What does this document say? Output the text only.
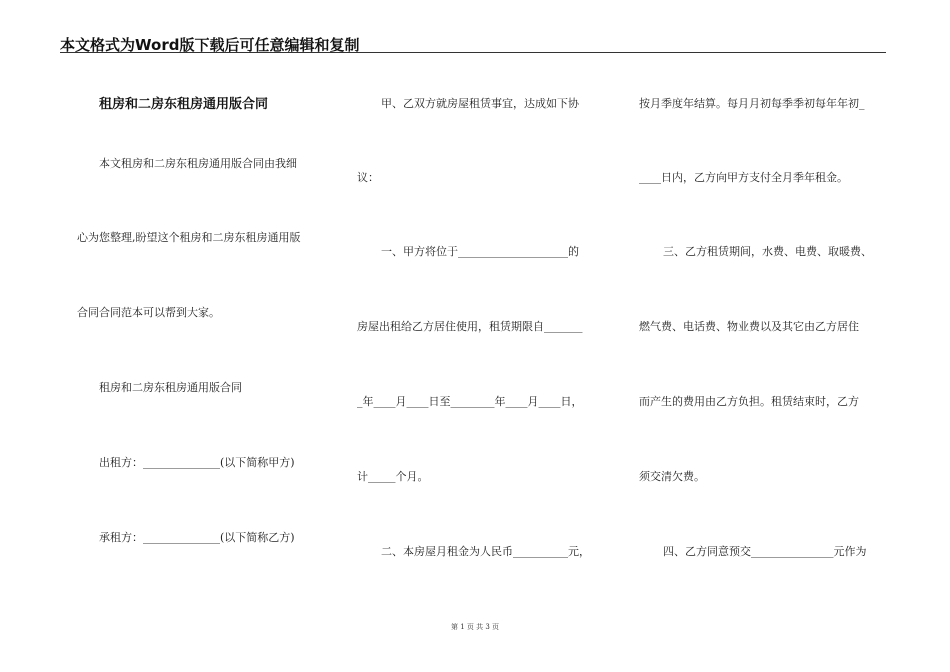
本文格式为Word版下载后可任意编辑和复制
租房和二房东租房通用版合同
本文租房和二房东租房通用版合同由我细
心为您整理,盼望这个租房和二房东租房通用版
合同合同范本可以帮到大家。
租房和二房东租房通用版合同
出租方：______________(以下简称甲方)
承租方：______________(以下简称乙方)
甲、乙双方就房屋租赁事宜，达成如下协
议：
一、甲方将位于____________________的
房屋出租给乙方居住使用，租赁期限自_______
_年____月____日至________年____月____日，
计_____个月。
二、本房屋月租金为人民币__________元，
按月季度年结算。每月月初每季季初每年年初_
____日内，乙方向甲方支付全月季年租金。
三、乙方租赁期间，水费、电费、取暖费、
燃气费、电话费、物业费以及其它由乙方居住
而产生的费用由乙方负担。租赁结束时，乙方
须交清欠费。
四、乙方同意预交_______________元作为
第 1 页 共 3 页
